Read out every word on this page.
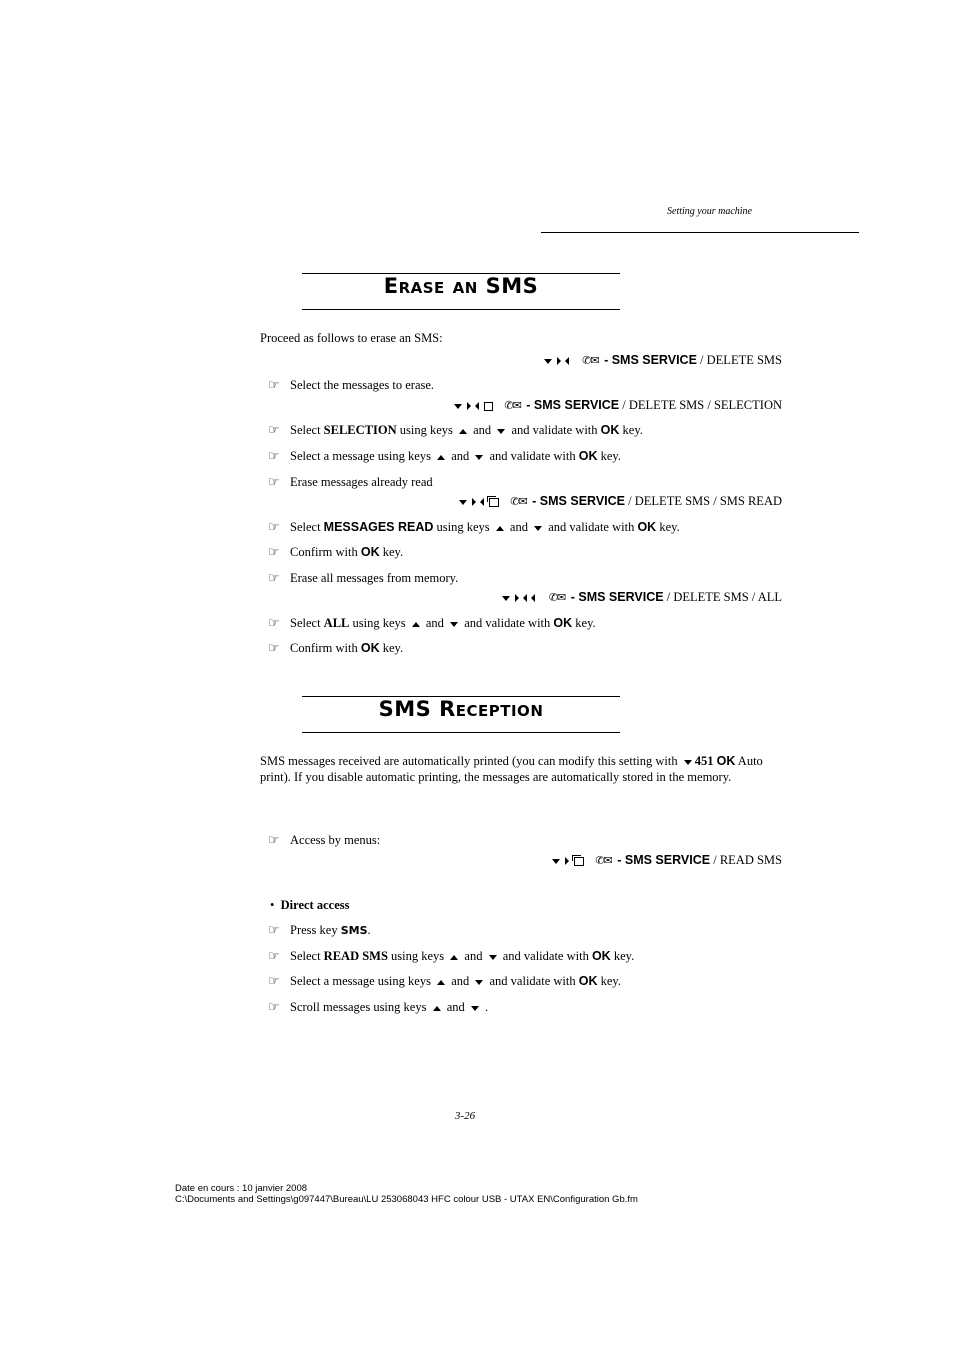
Setting your machine
Erase an SMS
Proceed as follows to erase an SMS:
✆✉ - SMS SERVICE / DELETE SMS
☞ Select the messages to erase.
✆✉ - SMS SERVICE / DELETE SMS / SELECTION
☞ Select SELECTION using keys  and  and validate with OK key.
☞ Select a message using keys  and  and validate with OK key.
☞ Erase messages already read
✆✉ - SMS SERVICE / DELETE SMS / SMS READ
☞ Select MESSAGES READ using keys  and  and validate with OK key.
☞ Confirm with OK key.
☞ Erase all messages from memory.
✆✉ - SMS SERVICE / DELETE SMS / ALL
☞ Select ALL using keys  and  and validate with OK key.
☞ Confirm with OK key.
SMS Reception
SMS messages received are automatically printed (you can modify this setting with 451 OK Auto print). If you disable automatic printing, the messages are automatically stored in the memory.
☞ Access by menus:
✆✉ - SMS SERVICE / READ SMS
•  Direct access
☞ Press key SMS.
☞ Select READ SMS using keys  and  and validate with OK key.
☞ Select a message using keys  and  and validate with OK key.
☞ Scroll messages using keys  and  .
3-26
Date en cours : 10 janvier 2008
C:\Documents and Settings\g097447\Bureau\LU 253068043 HFC colour USB - UTAX EN\Configuration Gb.fm
